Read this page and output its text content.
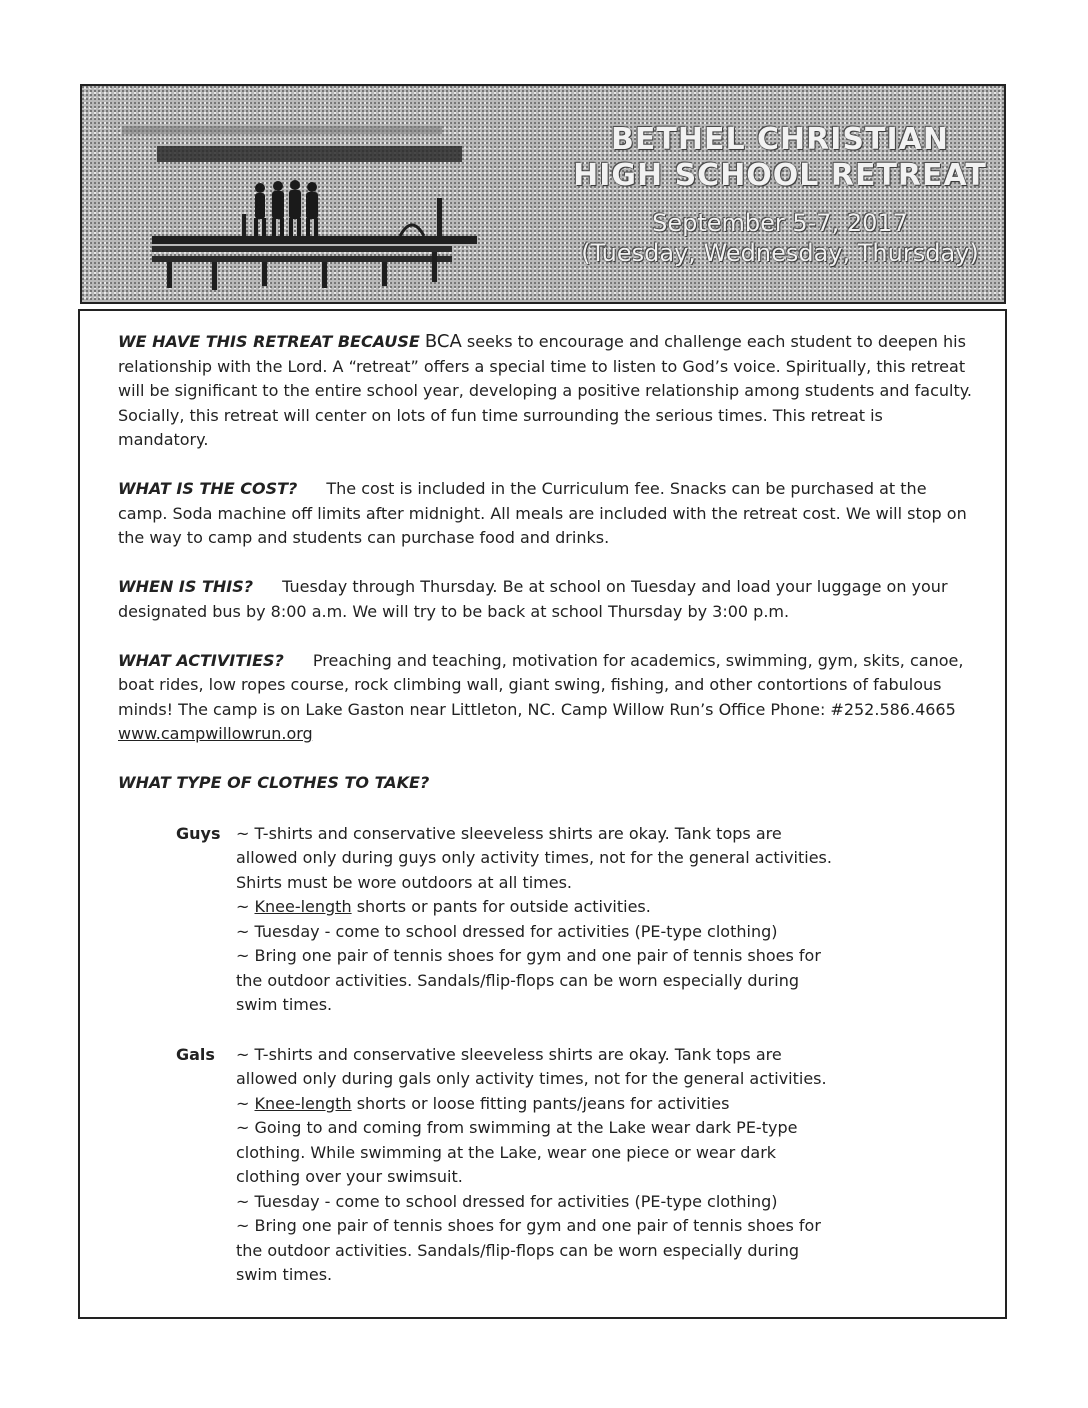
BETHEL CHRISTIAN
HIGH SCHOOL RETREAT
September 5-7, 2017
(Tuesday, Wednesday, Thursday)

WE HAVE THIS RETREAT BECAUSE BCA seeks to encourage and challenge each student to deepen his relationship with the Lord. A “retreat” offers a special time to listen to God’s voice. Spiritually, this retreat will be significant to the entire school year, developing a positive relationship among students and faculty. Socially, this retreat will center on lots of fun time surrounding the serious times. This retreat is mandatory.

WHAT IS THE COST? The cost is included in the Curriculum fee. Snacks can be purchased at the camp. Soda machine off limits after midnight. All meals are included with the retreat cost. We will stop on the way to camp and students can purchase food and drinks.

WHEN IS THIS? Tuesday through Thursday. Be at school on Tuesday and load your luggage on your designated bus by 8:00 a.m. We will try to be back at school Thursday by 3:00 p.m.

WHAT ACTIVITIES? Preaching and teaching, motivation for academics, swimming, gym, skits, canoe, boat rides, low ropes course, rock climbing wall, giant swing, fishing, and other contortions of fabulous minds! The camp is on Lake Gaston near Littleton, NC. Camp Willow Run’s Office Phone: #252.586.4665 www.campwillowrun.org

WHAT TYPE OF CLOTHES TO TAKE?
Guys ~ T-shirts and conservative sleeveless shirts are okay. Tank tops are
allowed only during guys only activity times, not for the general activities.
Shirts must be wore outdoors at all times.
~ Knee-length shorts or pants for outside activities.
~ Tuesday - come to school dressed for activities (PE-type clothing)
~ Bring one pair of tennis shoes for gym and one pair of tennis shoes for
the outdoor activities. Sandals/flip-flops can be worn especially during
swim times.
Gals ~ T-shirts and conservative sleeveless shirts are okay. Tank tops are
allowed only during gals only activity times, not for the general activities.
~ Knee-length shorts or loose fitting pants/jeans for activities
~ Going to and coming from swimming at the Lake wear dark PE-type
clothing. While swimming at the Lake, wear one piece or wear dark
clothing over your swimsuit.
~ Tuesday - come to school dressed for activities (PE-type clothing)
~ Bring one pair of tennis shoes for gym and one pair of tennis shoes for
the outdoor activities. Sandals/flip-flops can be worn especially during
swim times.
